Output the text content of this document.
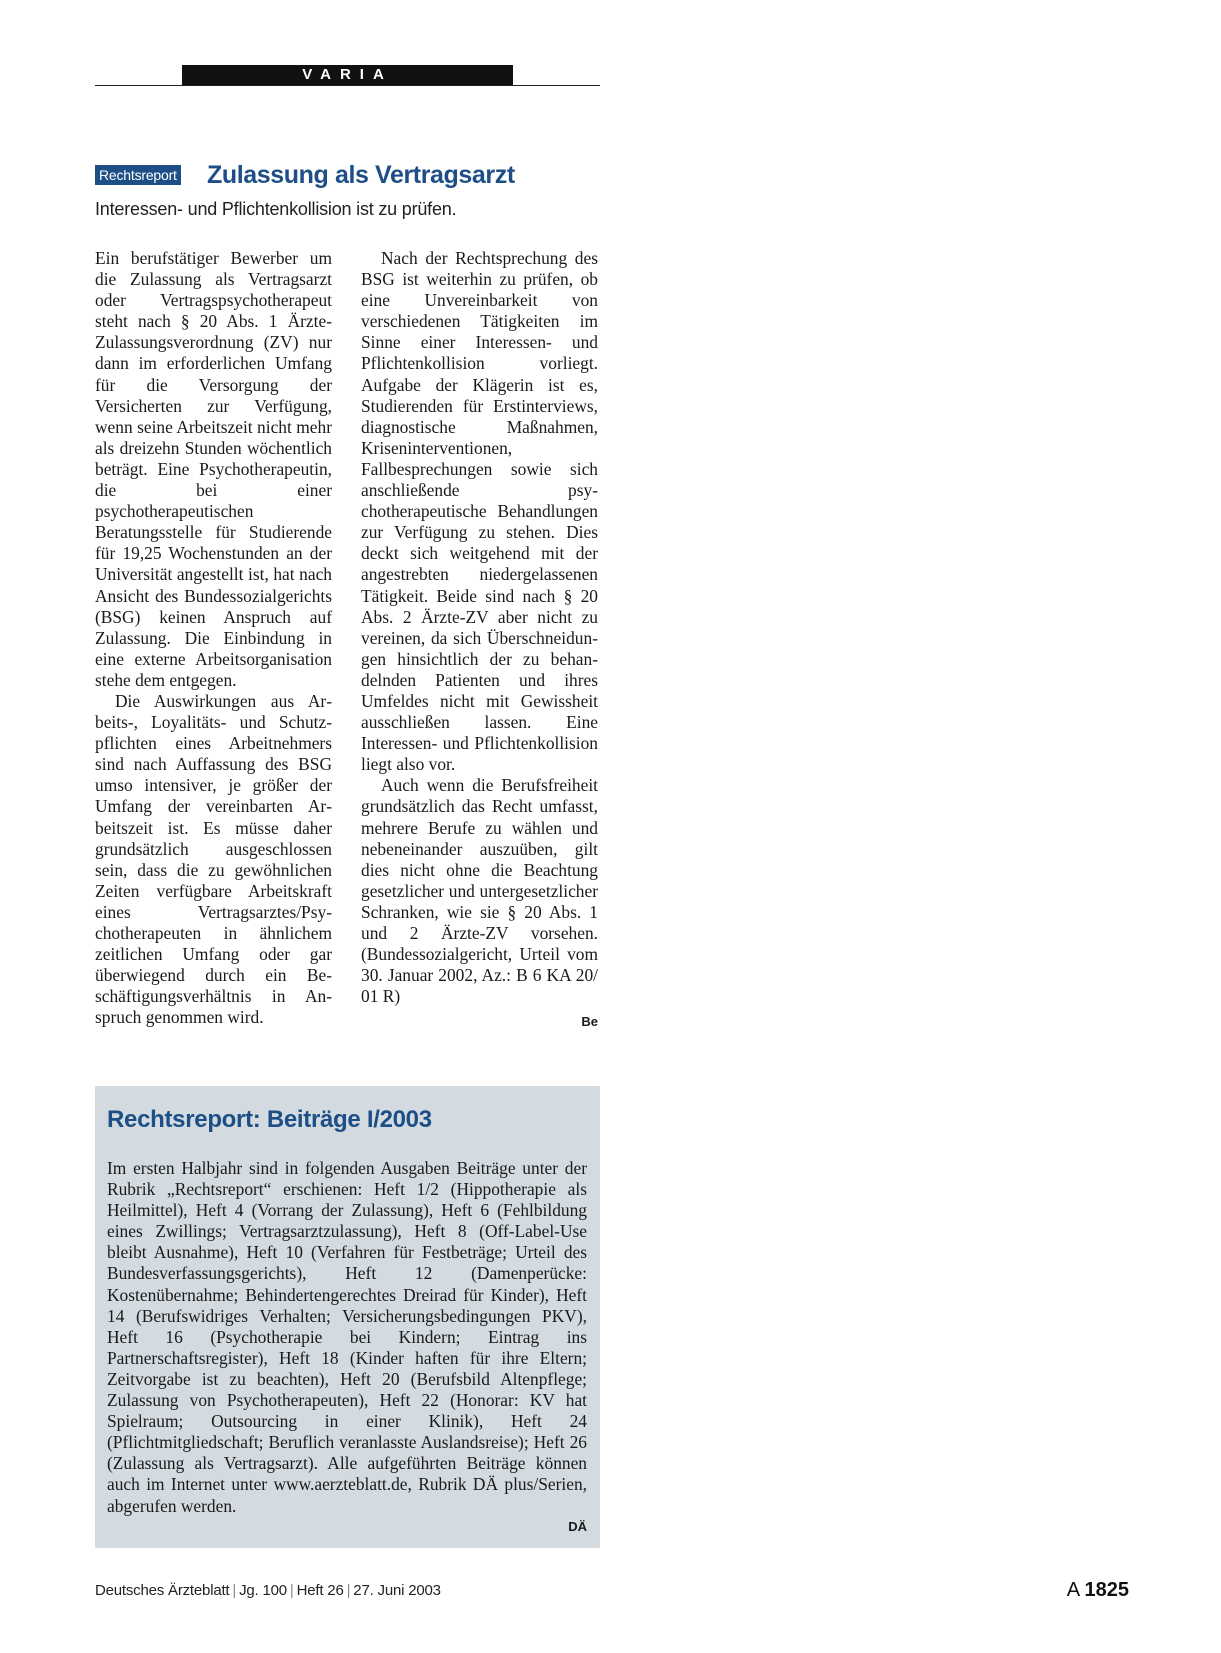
VARIA
Rechtsreport Zulassung als Vertragsarzt

Interessen- und Pflichtenkollision ist zu prüfen.

Ein berufstätiger Bewerber um die Zulassung als Vertragsarzt oder Vertragspsychotherapeut steht nach § 20 Abs. 1 Ärzte-Zulassungsverordnung (ZV) nur dann im erforderlichen Umfang für die Versorgung der Versicherten zur Verfügung, wenn seine Arbeitszeit nicht mehr als dreizehn Stunden wöchentlich beträgt. Eine Psychotherapeutin, die bei einer psychotherapeutischen Beratungsstelle für Studierende für 19,25 Wochenstunden an der Universität angestellt ist, hat nach Ansicht des Bundessozialgerichts (BSG) keinen Anspruch auf Zulassung. Die Einbindung in eine externe Arbeitsorganisation stehe dem entgegen.

Die Auswirkungen aus Arbeits-, Loyalitäts- und Schutzpflichten eines Arbeitnehmers sind nach Auffassung des BSG umso intensiver, je größer der Umfang der vereinbarten Arbeitszeit ist. Es müsse daher grundsätzlich ausgeschlossen sein, dass die zu gewöhnlichen Zeiten verfügbare Arbeitskraft eines Vertragsarztes/Psychotherapeuten in ähnlichem zeitlichen Umfang oder gar überwiegend durch ein Beschäftigungsverhältnis in Anspruch genommen wird.

Nach der Rechtsprechung des BSG ist weiterhin zu prüfen, ob eine Unvereinbarkeit von verschiedenen Tätigkeiten im Sinne einer Interessen- und Pflichtenkollision vorliegt. Aufgabe der Klägerin ist es, Studierenden für Erstinterviews, diagnostische Maßnahmen, Kriseninterventionen, Fallbesprechungen sowie sich anschließende psychotherapeutische Behandlungen zur Verfügung zu stehen. Dies deckt sich weitgehend mit der angestrebten niedergelassenen Tätigkeit. Beide sind nach § 20 Abs. 2 Ärzte-ZV aber nicht zu vereinen, da sich Überschneidungen hinsichtlich der zu behandelnden Patienten und ihres Umfeldes nicht mit Gewissheit ausschließen lassen. Eine Interessen- und Pflichtenkollision liegt also vor.

Auch wenn die Berufsfreiheit grundsätzlich das Recht umfasst, mehrere Berufe zu wählen und nebeneinander auszuüben, gilt dies nicht ohne die Beachtung gesetzlicher und untergesetzlicher Schranken, wie sie § 20 Abs. 1 und 2 Ärzte-ZV vorsehen. (Bundessozialgericht, Urteil vom 30. Januar 2002, Az.: B 6 KA 20/ 01 R)

Be
Rechtsreport: Beiträge I/2003

Im ersten Halbjahr sind in folgenden Ausgaben Beiträge unter der Rubrik „Rechtsreport“ erschienen: Heft 1/2 (Hippotherapie als Heilmittel), Heft 4 (Vorrang der Zulassung), Heft 6 (Fehlbildung eines Zwillings; Vertragsarztzulassung), Heft 8 (Off-Label-Use bleibt Ausnahme), Heft 10 (Verfahren für Festbeträge; Urteil des Bundesverfassungsgerichts), Heft 12 (Damenperücke: Kostenübernahme; Behindertengerechtes Dreirad für Kinder), Heft 14 (Berufswidriges Verhalten; Versicherungsbedingungen PKV), Heft 16 (Psychotherapie bei Kindern; Eintrag ins Partnerschaftsregister), Heft 18 (Kinder haften für ihre Eltern; Zeitvorgabe ist zu beachten), Heft 20 (Berufsbild Altenpflege; Zulassung von Psychotherapeuten), Heft 22 (Honorar: KV hat Spielraum; Outsourcing in einer Klinik), Heft 24 (Pflichtmitgliedschaft; Beruflich veranlasste Auslandsreise); Heft 26 (Zulassung als Vertragsarzt). Alle aufgeführten Beiträge können auch im Internet unter www.aerzteblatt.de, Rubrik DÄ plus/Serien, abgerufen werden.

DÄ
Deutsches Ärzteblatt | Jg. 100 | Heft 26 | 27. Juni 2003	A 1825
